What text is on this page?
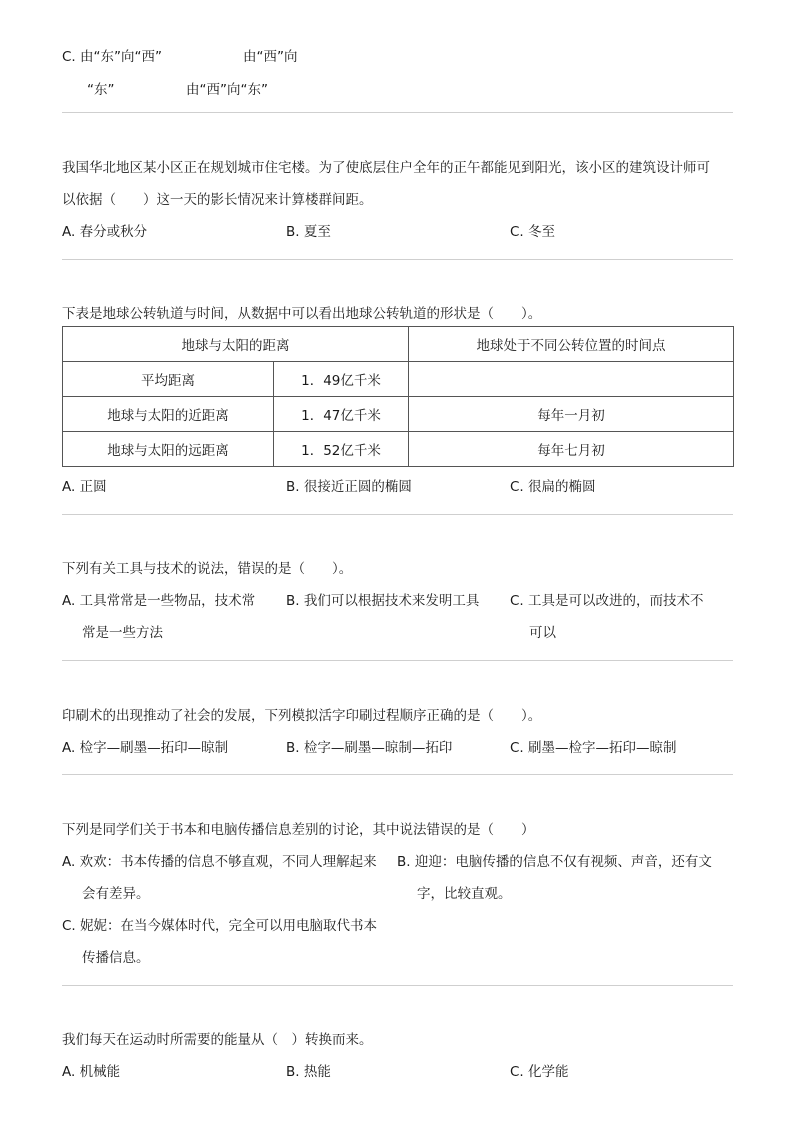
C. 由“东”向“西”	由“西”向
“东”	由“西”向“东”
我国华北地区某小区正在规划城市住宅楼。为了使底层住户全年的正午都能见到阳光，该小区的建筑设计师可
以依据（　　）这一天的影长情况来计算楼群间距。
A. 春分或秋分	B. 夏至	C. 冬至
下表是地球公转轨道与时间，从数据中可以看出地球公转轨道的形状是（　　）。
地球与太阳的距离		地球处于不同公转位置的时间点
平均距离	1．49亿千米	
地球与太阳的近距离	1．47亿千米	每年一月初
地球与太阳的远距离	1．52亿千米	每年七月初
A. 正圆	B. 很接近正圆的椭圆	C. 很扁的椭圆
下列有关工具与技术的说法，错误的是（　　）。
A. 工具常常是一些物品，技术常
常是一些方法
B. 我们可以根据技术来发明工具 C. 工具是可以改进的，而技术不
可以
印刷术的出现推动了社会的发展，下列模拟活字印刷过程顺序正确的是（　　）。
A. 检字—刷墨—拓印—晾制	B. 检字—刷墨—晾制—拓印	C. 刷墨—检字—拓印—晾制
下列是同学们关于书本和电脑传播信息差别的讨论，其中说法错误的是（　　）
A. 欢欢：书本传播的信息不够直观，不同人理解起来
会有差异。
B. 迎迎：电脑传播的信息不仅有视频、声音，还有文
字，比较直观。
C. 妮妮：在当今媒体时代，完全可以用电脑取代书本
传播信息。
我们每天在运动时所需要的能量从（　）转换而来。
A. 机械能	B. 热能	C. 化学能
